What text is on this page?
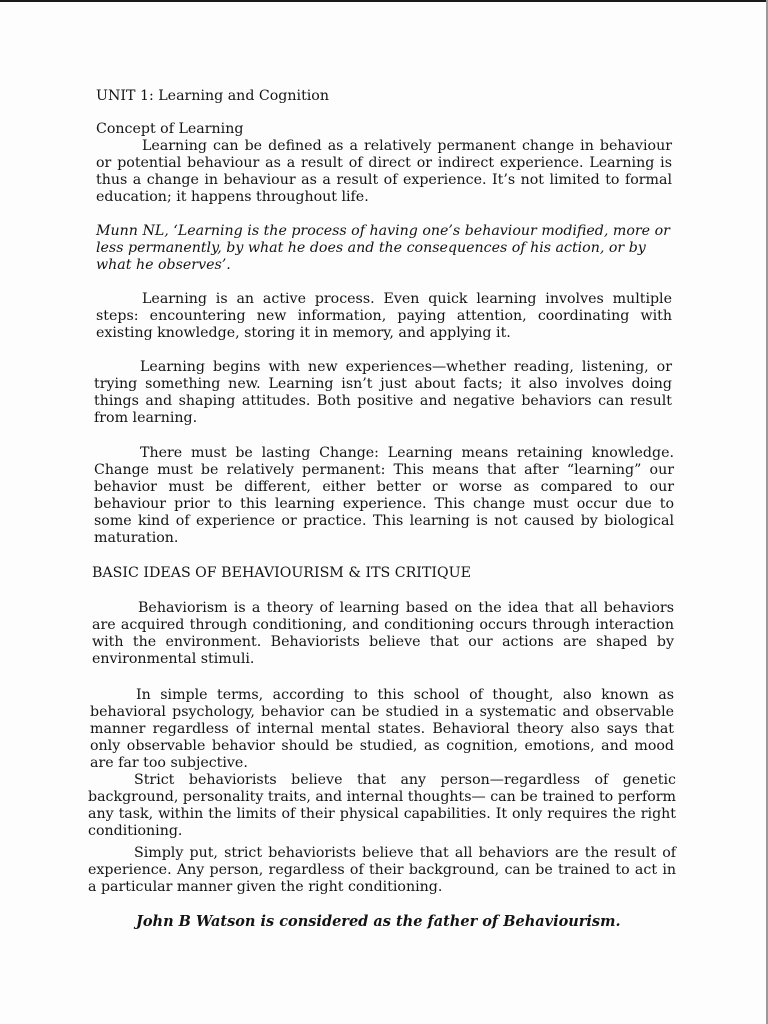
UNIT 1: Learning and Cognition

Concept of Learning

Learning can be defined as a relatively permanent change in behaviour or potential behaviour as a result of direct or indirect experience. Learning is thus a change in behaviour as a result of experience. It’s not limited to formal education; it happens throughout life.

Munn NL, ‘Learning is the process of having one’s behaviour modified, more or less permanently, by what he does and the consequences of his action, or by what he observes’.

Learning is an active process. Even quick learning involves multiple steps: encountering new information, paying attention, coordinating with existing knowledge, storing it in memory, and applying it.

Learning begins with new experiences—whether reading, listening, or trying something new. Learning isn’t just about facts; it also involves doing things and shaping attitudes. Both positive and negative behaviors can result from learning.

There must be lasting Change: Learning means retaining knowledge. Change must be relatively permanent: This means that after “learning” our behavior must be different, either better or worse as compared to our behaviour prior to this learning experience. This change must occur due to some kind of experience or practice. This learning is not caused by biological maturation.

BASIC IDEAS OF BEHAVIOURISM & ITS CRITIQUE

Behaviorism is a theory of learning based on the idea that all behaviors are acquired through conditioning, and conditioning occurs through interaction with the environment. Behaviorists believe that our actions are shaped by environmental stimuli.

In simple terms, according to this school of thought, also known as behavioral psychology, behavior can be studied in a systematic and observable manner regardless of internal mental states. Behavioral theory also says that only observable behavior should be studied, as cognition, emotions, and mood are far too subjective.

Strict behaviorists believe that any person—regardless of genetic background, personality traits, and internal thoughts— can be trained to perform any task, within the limits of their physical capabilities. It only requires the right conditioning.

Simply put, strict behaviorists believe that all behaviors are the result of experience. Any person, regardless of their background, can be trained to act in a particular manner given the right conditioning.

John B Watson is considered as the father of Behaviourism.
